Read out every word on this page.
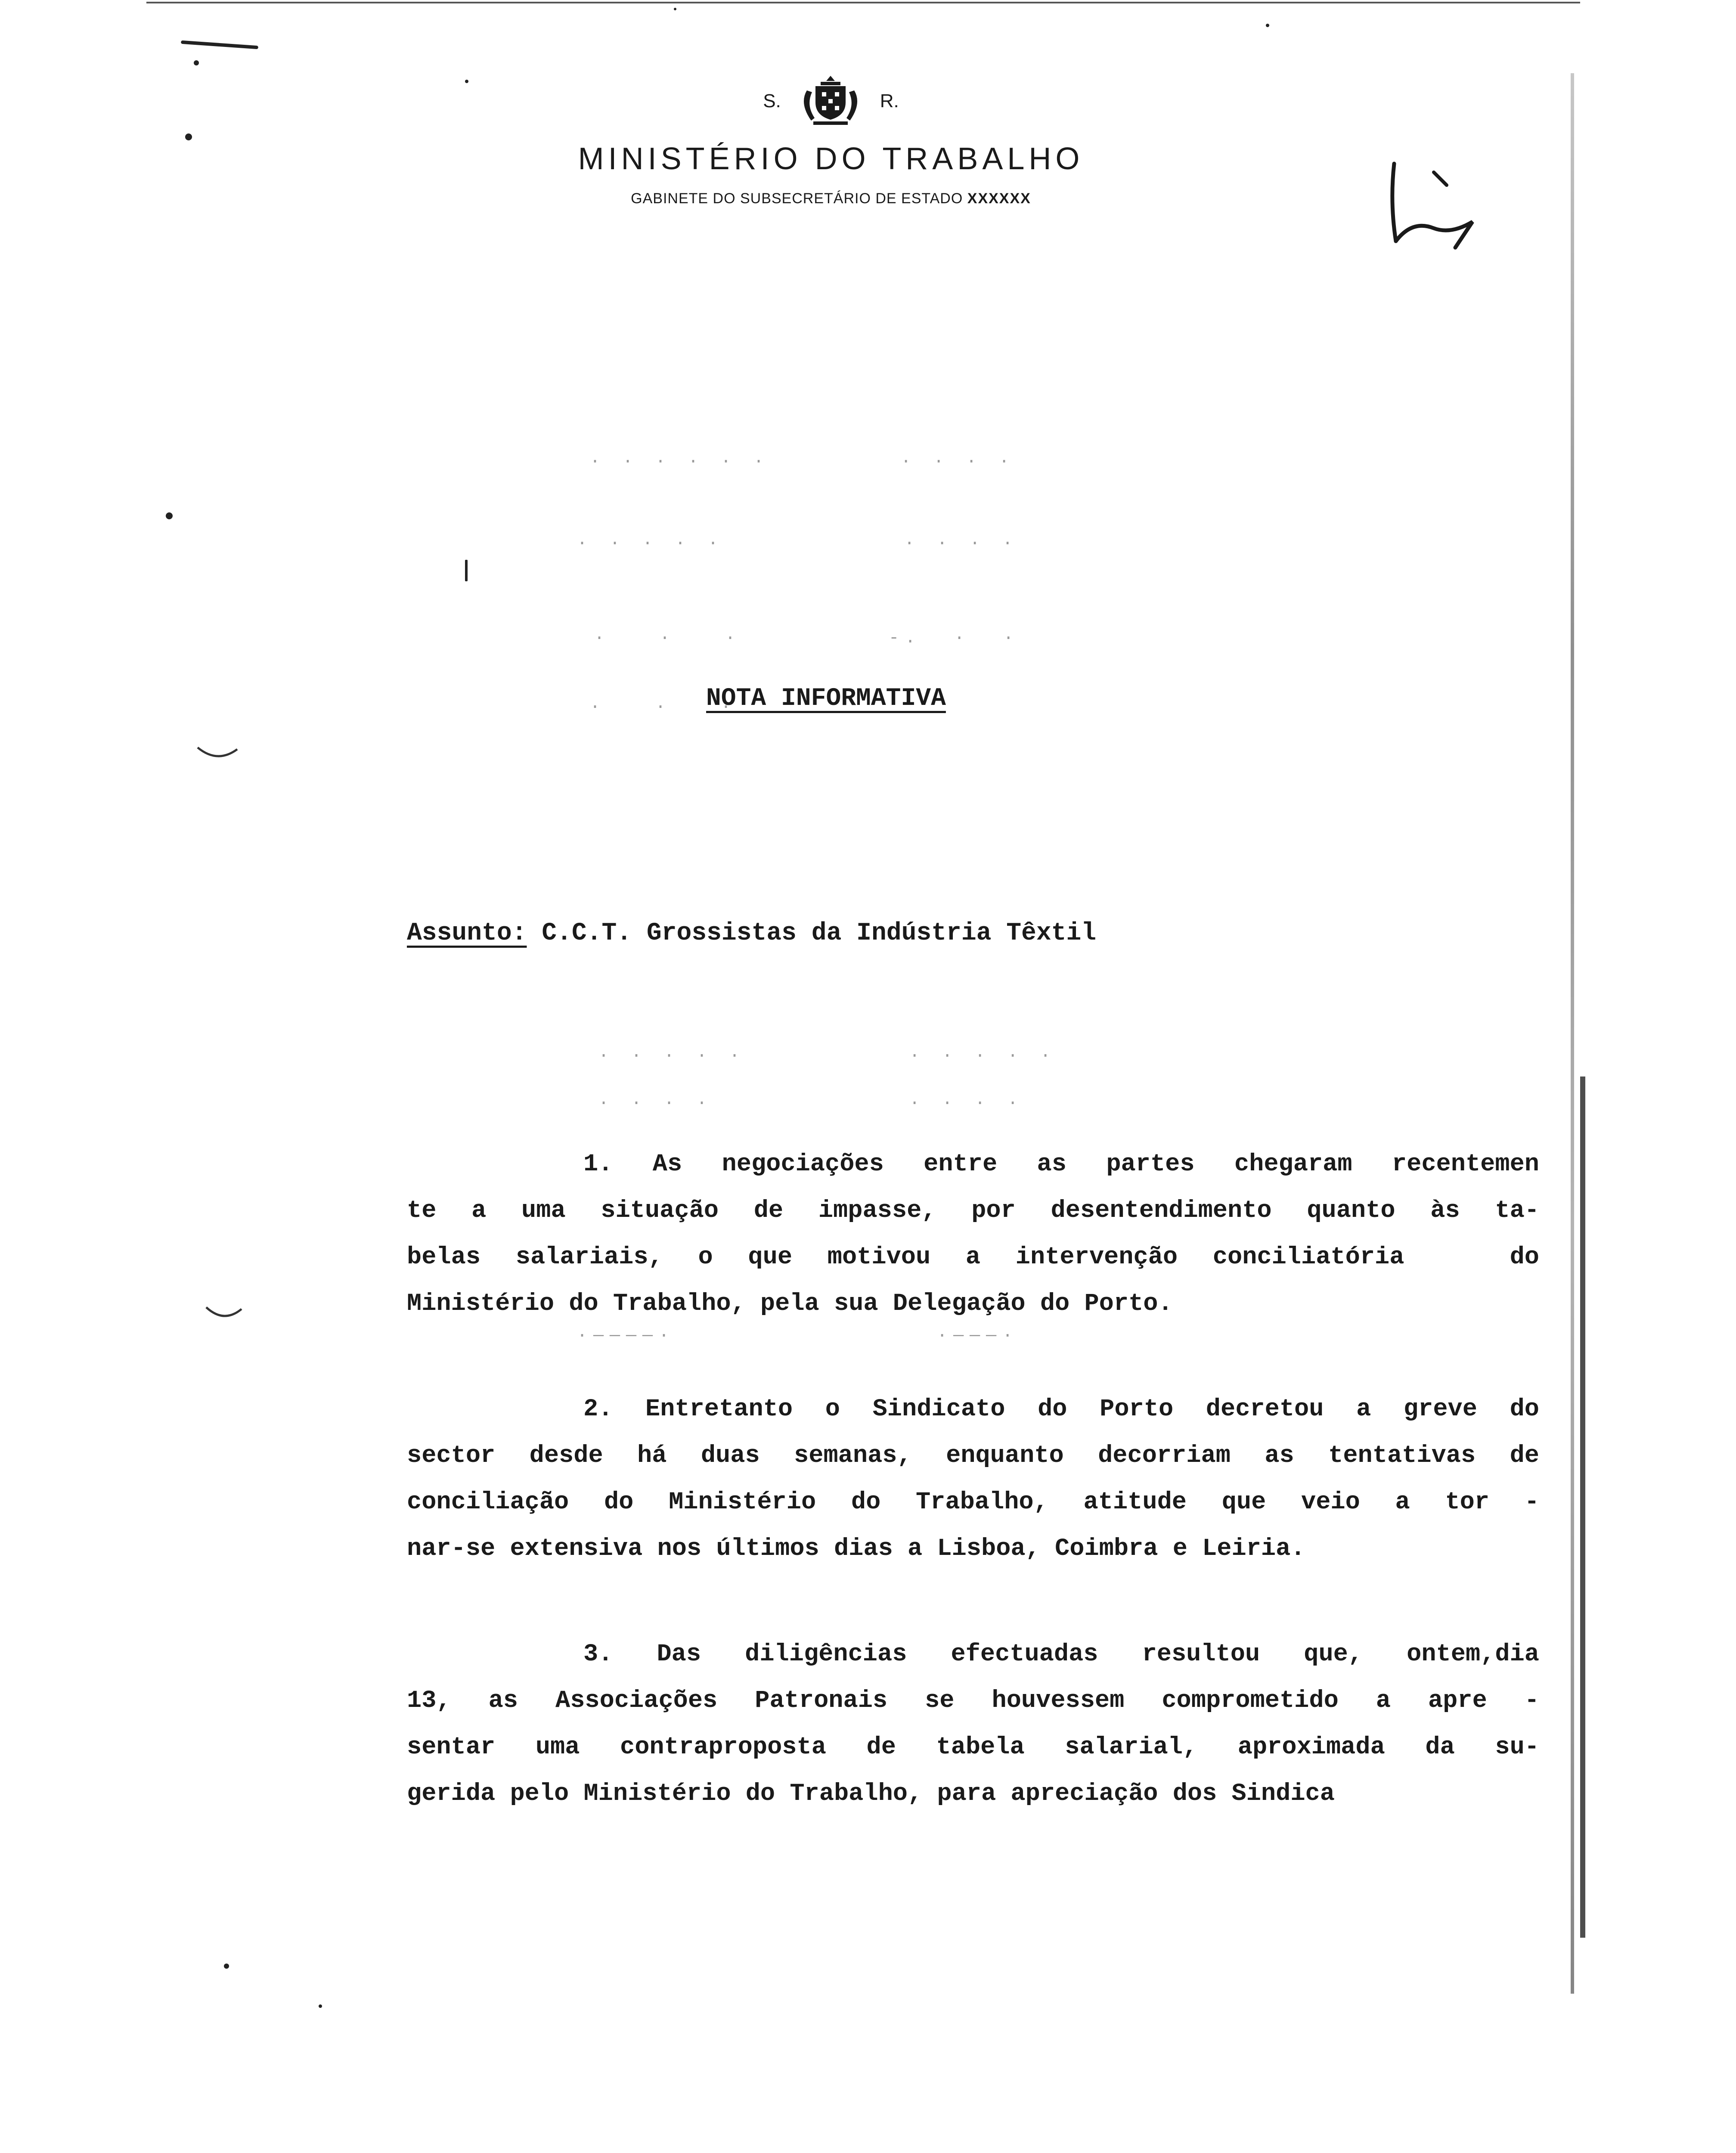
· · · · · ·        · · · ·

· · · · ·           · · · ·

·   ·   ·         -.  ·  ·

·   ·   ·

· · · · ·          · · · · ·

· · · ·            · · · ·

·————·                ·———·

S.	R.
MINISTÉRIO DO TRABALHO
GABINETE DO SUBSECRETÁRIO DE ESTADO XXXXXX
NOTA INFORMATIVA
Assunto: C.C.T. Grossistas da Indústria Têxtil
1. As negociações entre as partes chegaram recentemen
te a uma situação de impasse, por desentendimento quanto às ta-
belas salariais, o que motivou a intervenção conciliatória   do
Ministério do Trabalho, pela sua Delegação do Porto.
2. Entretanto o Sindicato do Porto decretou a greve do
sector desde há duas semanas, enquanto decorriam as tentativas de
conciliação do Ministério do Trabalho, atitude que veio a tor -
nar-se extensiva nos últimos dias a Lisboa, Coimbra e Leiria.
3. Das diligências efectuadas resultou que, ontem,dia
13, as Associações Patronais se houvessem comprometido a apre -
sentar uma contraproposta de tabela salarial, aproximada da su-
gerida pelo Ministério do Trabalho, para apreciação dos Sindica
